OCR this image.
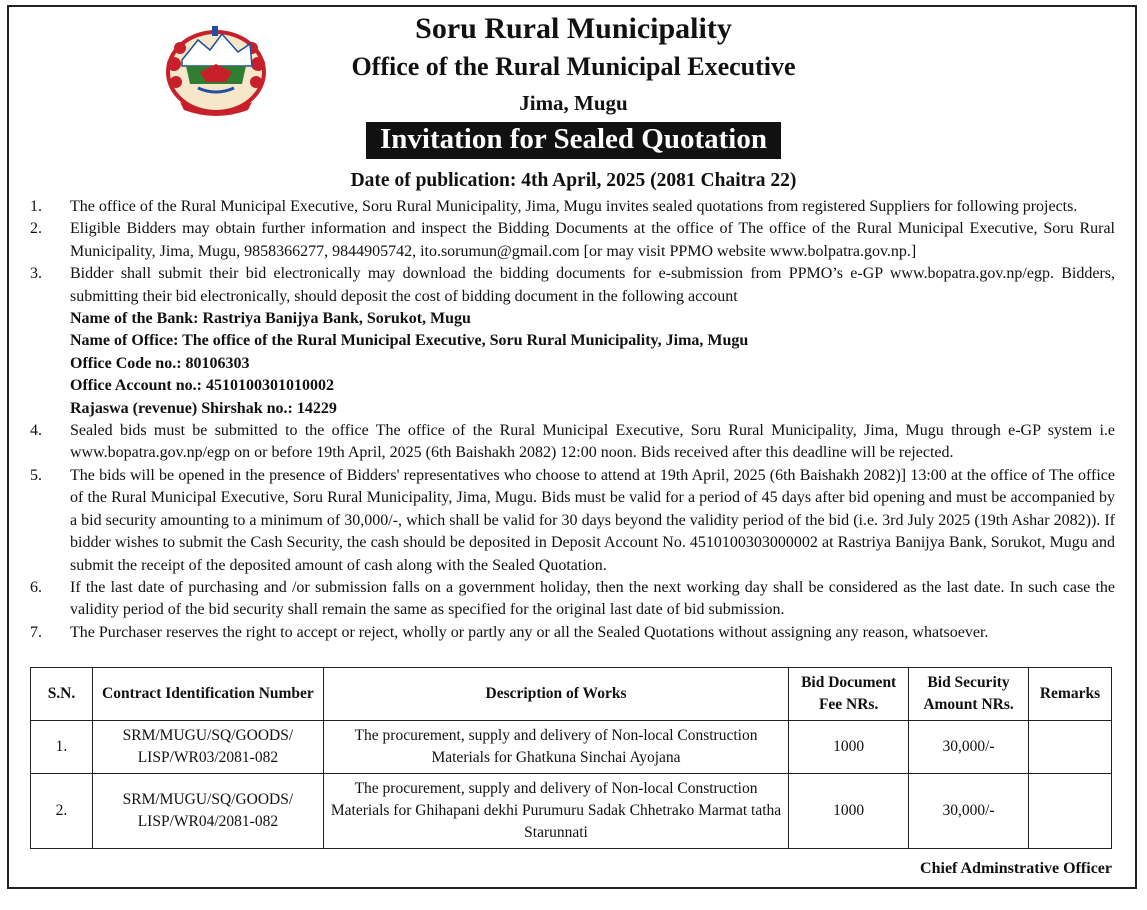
Soru Rural Municipality
Office of the Rural Municipal Executive
Jima, Mugu
Invitation for Sealed Quotation
Date of publication: 4th April, 2025 (2081 Chaitra 22)
1.	The office of the Rural Municipal Executive, Soru Rural Municipality, Jima, Mugu invites sealed quotations from registered Suppliers for following projects.
2.	Eligible Bidders may obtain further information and inspect the Bidding Documents at the office of The office of the Rural Municipal Executive, Soru Rural Municipality, Jima, Mugu, 9858366277, 9844905742, ito.sorumun@gmail.com [or may visit PPMO website www.bolpatra.gov.np.]
3.	Bidder shall submit their bid electronically may download the bidding documents for e-submission from PPMO’s e-GP www.bopatra.gov.np/egp. Bidders, submitting their bid electronically, should deposit the cost of bidding document in the following account
Name of the Bank: Rastriya Banijya Bank, Sorukot, Mugu
Name of Office: The office of the Rural Municipal Executive, Soru Rural Municipality, Jima, Mugu
Office Code no.: 80106303
Office Account no.: 4510100301010002
Rajaswa (revenue) Shirshak no.: 14229
4.	Sealed bids must be submitted to the office The office of the Rural Municipal Executive, Soru Rural Municipality, Jima, Mugu through e-GP system i.e www.bopatra.gov.np/egp on or before 19th April, 2025 (6th Baishakh 2082) 12:00 noon. Bids received after this deadline will be rejected.
5.	The bids will be opened in the presence of Bidders' representatives who choose to attend at 19th April, 2025 (6th Baishakh 2082)] 13:00 at the office of The office of the Rural Municipal Executive, Soru Rural Municipality, Jima, Mugu. Bids must be valid for a period of 45 days after bid opening and must be accompanied by a bid security amounting to a minimum of 30,000/-, which shall be valid for 30 days beyond the validity period of the bid (i.e. 3rd July 2025 (19th Ashar 2082)). If bidder wishes to submit the Cash Security, the cash should be deposited in Deposit Account No. 4510100303000002 at Rastriya Banijya Bank, Sorukot, Mugu and submit the receipt of the deposited amount of cash along with the Sealed Quotation.
6.	If the last date of purchasing and /or submission falls on a government holiday, then the next working day shall be considered as the last date. In such case the validity period of the bid security shall remain the same as specified for the original last date of bid submission.
7.	The Purchaser reserves the right to accept or reject, wholly or partly any or all the Sealed Quotations without assigning any reason, whatsoever.
S.N.	Contract Identification Number	Description of Works	Bid Document Fee NRs.	Bid Security Amount NRs.	Remarks
1.	SRM/MUGU/SQ/GOODS/ LISP/WR03/2081-082	The procurement, supply and delivery of Non-local Construction Materials for Ghatkuna Sinchai Ayojana	1000	30,000/-	
2.	SRM/MUGU/SQ/GOODS/ LISP/WR04/2081-082	The procurement, supply and delivery of Non-local Construction Materials for Ghihapani dekhi Purumuru Sadak Chhetrako Marmat tatha Starunnati	1000	30,000/-	
Chief Adminstrative Officer
